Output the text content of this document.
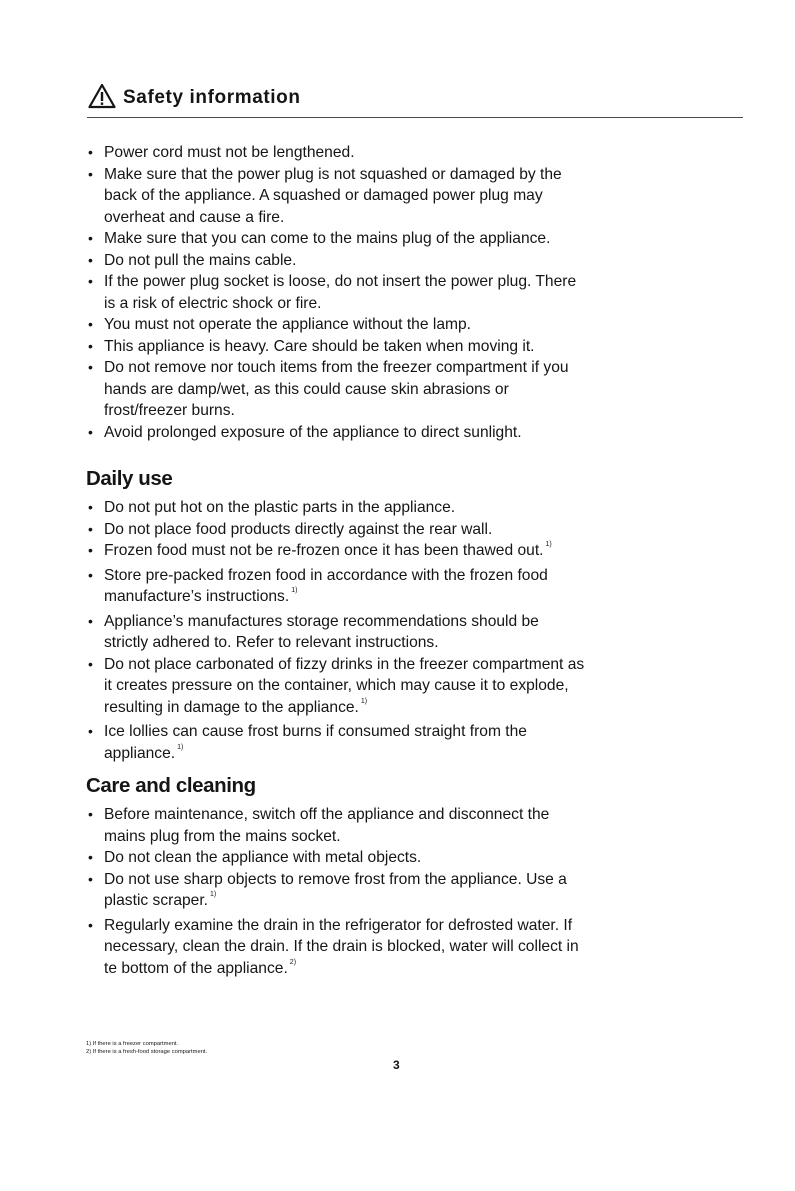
Safety information
• Power cord must not be lengthened.
• Make sure that the power plug is not squashed or damaged by the
back of the appliance. A squashed or damaged power plug may
overheat and cause a fire.
• Make sure that you can come to the mains plug of the appliance.
• Do not pull the mains cable.
• If the power plug socket is loose, do not insert the power plug. There
is a risk of electric shock or fire.
• You must not operate the appliance without the lamp.
• This appliance is heavy. Care should be taken when moving it.
• Do not remove nor touch items from the freezer compartment if you
hands are damp/wet, as this could cause skin abrasions or
frost/freezer burns.
• Avoid prolonged exposure of the appliance to direct sunlight.
Daily use
• Do not put hot on the plastic parts in the appliance.
• Do not place food products directly against the rear wall.
• Frozen food must not be re-frozen once it has been thawed out. $^{1)}$
• Store pre-packed frozen food in accordance with the frozen food
manufacture’s instructions. $^{1)}$
• Appliance’s manufactures storage recommendations should be
strictly adhered to. Refer to relevant instructions.
• Do not place carbonated of fizzy drinks in the freezer compartment as
it creates pressure on the container, which may cause it to explode,
resulting in damage to the appliance. $^{1)}$
• Ice lollies can cause frost burns if consumed straight from the
appliance. $^{1)}$
Care and cleaning
• Before maintenance, switch off the appliance and disconnect the
mains plug from the mains socket.
• Do not clean the appliance with metal objects.
• Do not use sharp objects to remove frost from the appliance. Use a
plastic scraper. $^{1)}$
• Regularly examine the drain in the refrigerator for defrosted water. If
necessary, clean the drain. If the drain is blocked, water will collect in
te bottom of the appliance. $^{2)}$
1) If there is a freezer compartment.
2) If there is a fresh-food storage compartment.
3
